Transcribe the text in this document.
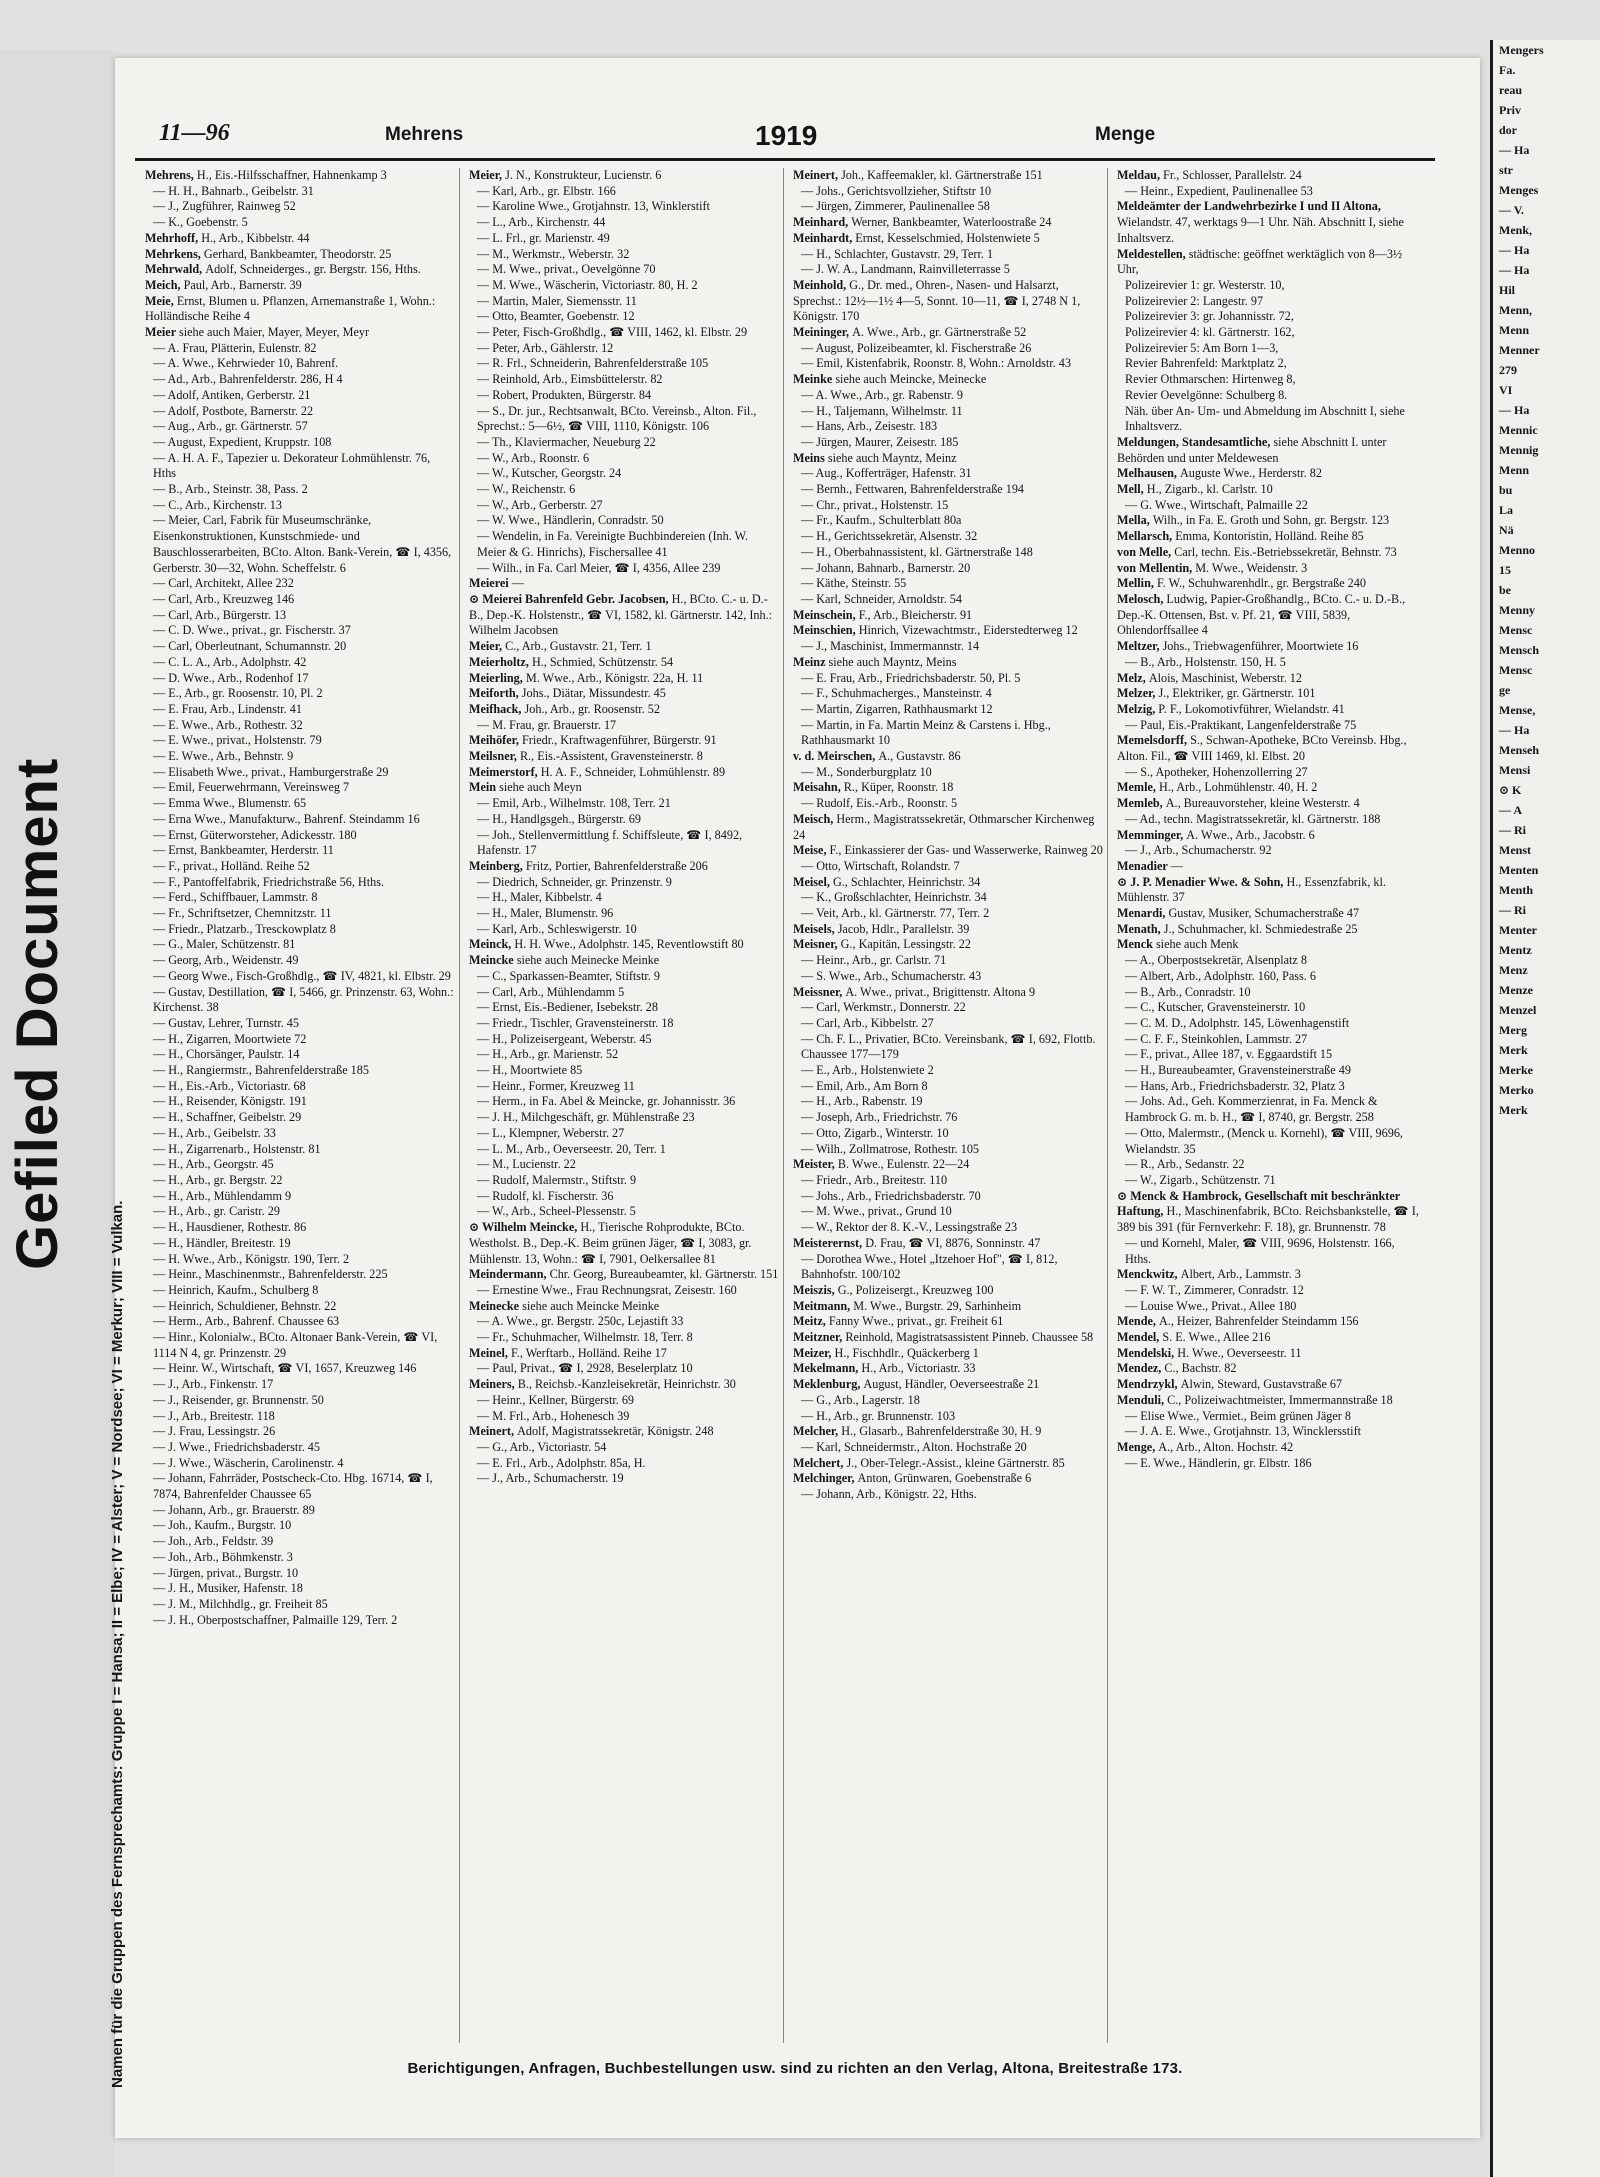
Gefiled Document
11—96	Mehrens	1919	Menge
Namen für die Gruppen des Fernsprechamts: Gruppe I = Hansa; II = Elbe; IV = Alster; V = Nordsee; VI = Merkur; VIII = Vulkan.
Mehrens, H., Eis.-Hilfsschaffner, Hahnenkamp 3
— H. H., Bahnarb., Geibelstr. 31
— J., Zugführer, Rainweg 52
— K., Goebenstr. 5
Mehrhoff, H., Arb., Kibbelstr. 44
Mehrkens, Gerhard, Bankbeamter, Theodorstr. 25
Mehrwald, Adolf, Schneiderges., gr. Bergstr. 156, Hths.
Meich, Paul, Arb., Barnerstr. 39
Meie, Ernst, Blumen u. Pflanzen, Arnemanstraße 1, Wohn.: Holländische Reihe 4
Meier siehe auch Maier, Mayer, Meyer, Meyr
— A. Frau, Plätterin, Eulenstr. 82
— A. Wwe., Kehrwieder 10, Bahrenf.
— Ad., Arb., Bahrenfelderstr. 286, H 4
— Adolf, Antiken, Gerberstr. 21
— Adolf, Postbote, Barnerstr. 22
— Aug., Arb., gr. Gärtnerstr. 57
— August, Expedient, Kruppstr. 108
— A. H. A. F., Tapezier u. Dekorateur Lohmühlenstr. 76, Hths
— B., Arb., Steinstr. 38, Pass. 2
— C., Arb., Kirchenstr. 13
— Meier, Carl, Fabrik für Museumschränke, Eisenkonstruktionen, Kunstschmiede- und Bauschlosserarbeiten, BCto. Alton. Bank-Verein, ☎ I, 4356, Gerberstr. 30—32, Wohn. Scheffelstr. 6
— Carl, Architekt, Allee 232
— Carl, Arb., Kreuzweg 146
— Carl, Arb., Bürgerstr. 13
— C. D. Wwe., privat., gr. Fischerstr. 37
— Carl, Oberleutnant, Schumannstr. 20
— C. L. A., Arb., Adolphstr. 42
— D. Wwe., Arb., Rodenhof 17
— E., Arb., gr. Roosenstr. 10, Pl. 2
— E. Frau, Arb., Lindenstr. 41
— E. Wwe., Arb., Rothestr. 32
— E. Wwe., privat., Holstenstr. 79
— E. Wwe., Arb., Behnstr. 9
— Elisabeth Wwe., privat., Hamburgerstraße 29
— Emil, Feuerwehrmann, Vereinsweg 7
— Emma Wwe., Blumenstr. 65
— Erna Wwe., Manufakturw., Bahrenf. Steindamm 16
— Ernst, Güterworsteher, Adickesstr. 180
— Ernst, Bankbeamter, Herderstr. 11
— F., privat., Holländ. Reihe 52
— F., Pantoffelfabrik, Friedrichstraße 56, Hths.
— Ferd., Schiffbauer, Lammstr. 8
— Fr., Schriftsetzer, Chemnitzstr. 11
— Friedr., Platzarb., Tresckowplatz 8
— G., Maler, Schützenstr. 81
— Georg, Arb., Weidenstr. 49
— Georg Wwe., Fisch-Großhdlg., ☎ IV, 4821, kl. Elbstr. 29
— Gustav, Destillation, ☎ I, 5466, gr. Prinzenstr. 63, Wohn.: Kirchenst. 38
— Gustav, Lehrer, Turnstr. 45
— H., Zigarren, Moortwiete 72
— H., Chorsänger, Paulstr. 14
— H., Rangiermstr., Bahrenfelderstraße 185
— H., Eis.-Arb., Victoriastr. 68
— H., Reisender, Königstr. 191
— H., Schaffner, Geibelstr. 29
— H., Arb., Geibelstr. 33
— H., Zigarrenarb., Holstenstr. 81
— H., Arb., Georgstr. 45
— H., Arb., gr. Bergstr. 22
— H., Arb., Mühlendamm 9
— H., Arb., gr. Caristr. 29
— H., Hausdiener, Rothestr. 86
— H., Händler, Breitestr. 19
— H. Wwe., Arb., Königstr. 190, Terr. 2
— Heinr., Maschinenmstr., Bahrenfelderstr. 225
— Heinrich, Kaufm., Schulberg 8
— Heinrich, Schuldiener, Behnstr. 22
— Herm., Arb., Bahrenf. Chaussee 63
— Hinr., Kolonialw., BCto. Altonaer Bank-Verein, ☎ VI, 1114 N 4, gr. Prinzenstr. 29
— Heinr. W., Wirtschaft, ☎ VI, 1657, Kreuzweg 146
— J., Arb., Finkenstr. 17
— J., Reisender, gr. Brunnenstr. 50
— J., Arb., Breitestr. 118
— J. Frau, Lessingstr. 26
— J. Wwe., Friedrichsbaderstr. 45
— J. Wwe., Wäscherin, Carolinenstr. 4
— Johann, Fahrräder, Postscheck-Cto. Hbg. 16714, ☎ I, 7874, Bahrenfelder Chaussee 65
— Johann, Arb., gr. Brauerstr. 89
— Joh., Kaufm., Burgstr. 10
— Joh., Arb., Feldstr. 39
— Joh., Arb., Böhmkenstr. 3
— Jürgen, privat., Burgstr. 10
— J. H., Musiker, Hafenstr. 18
— J. M., Milchhdlg., gr. Freiheit 85
— J. H., Oberpostschaffner, Palmaille 129, Terr. 2
Meier, J. N., Konstrukteur, Lucienstr. 6
— Karl, Arb., gr. Elbstr. 166
— Karoline Wwe., Grotjahnstr. 13, Winklerstift
— L., Arb., Kirchenstr. 44
— L. Frl., gr. Marienstr. 49
— M., Werkmstr., Weberstr. 32
— M. Wwe., privat., Oevelgönne 70
— M. Wwe., Wäscherin, Victoriastr. 80, H. 2
— Martin, Maler, Siemensstr. 11
— Otto, Beamter, Goebenstr. 12
— Peter, Fisch-Großhdlg., ☎ VIII, 1462, kl. Elbstr. 29
— Peter, Arb., Gählerstr. 12
— R. Frl., Schneiderin, Bahrenfelderstraße 105
— Reinhold, Arb., Eimsbüttelerstr. 82
— Robert, Produkten, Bürgerstr. 84
— S., Dr. jur., Rechtsanwalt, BCto. Vereinsb., Alton. Fil., Sprechst.: 5—6½, ☎ VIII, 1110, Königstr. 106
— Th., Klaviermacher, Neueburg 22
— W., Arb., Roonstr. 6
— W., Kutscher, Georgstr. 24
— W., Reichenstr. 6
— W., Arb., Gerberstr. 27
— W. Wwe., Händlerin, Conradstr. 50
— Wendelin, in Fa. Vereinigte Buchbindereien (Inh. W. Meier & G. Hinrichs), Fischersallee 41
— Wilh., in Fa. Carl Meier, ☎ I, 4356, Allee 239
Meierei —
⊙ Meierei Bahrenfeld Gebr. Jacobsen, H., BCto. C.- u. D.-B., Dep.-K. Holstenstr., ☎ VI, 1582, kl. Gärtnerstr. 142, Inh.: Wilhelm Jacobsen
Meier, C., Arb., Gustavstr. 21, Terr. 1
Meierholtz, H., Schmied, Schützenstr. 54
Meierling, M. Wwe., Arb., Königstr. 22a, H. 11
Meiforth, Johs., Diätar, Missundestr. 45
Meifhack, Joh., Arb., gr. Roosenstr. 52
— M. Frau, gr. Brauerstr. 17
Meihöfer, Friedr., Kraftwagenführer, Bürgerstr. 91
Meilsner, R., Eis.-Assistent, Gravensteinerstr. 8
Meimerstorf, H. A. F., Schneider, Lohmühlenstr. 89
Mein siehe auch Meyn
— Emil, Arb., Wilhelmstr. 108, Terr. 21
— H., Handlgsgeh., Bürgerstr. 69
— Joh., Stellenvermittlung f. Schiffsleute, ☎ I, 8492, Hafenstr. 17
Meinberg, Fritz, Portier, Bahrenfelderstraße 206
— Diedrich, Schneider, gr. Prinzenstr. 9
— H., Maler, Kibbelstr. 4
— H., Maler, Blumenstr. 96
— Karl, Arb., Schleswigerstr. 10
Meinck, H. H. Wwe., Adolphstr. 145, Reventlowstift 80
Meincke siehe auch Meinecke Meinke
— C., Sparkassen-Beamter, Stiftstr. 9
— Carl, Arb., Mühlendamm 5
— Ernst, Eis.-Bediener, Isebekstr. 28
— Friedr., Tischler, Gravensteinerstr. 18
— H., Polizeisergeant, Weberstr. 45
— H., Arb., gr. Marienstr. 52
— H., Moortwiete 85
— Heinr., Former, Kreuzweg 11
— Herm., in Fa. Abel & Meincke, gr. Johannisstr. 36
— J. H., Milchgeschäft, gr. Mühlenstraße 23
— L., Klempner, Weberstr. 27
— L. M., Arb., Oeverseestr. 20, Terr. 1
— M., Lucienstr. 22
— Rudolf, Malermstr., Stiftstr. 9
— Rudolf, kl. Fischerstr. 36
— W., Arb., Scheel-Plessenstr. 5
⊙ Wilhelm Meincke, H., Tierische Rohprodukte, BCto. Westholst. B., Dep.-K. Beim grünen Jäger, ☎ I, 3083, gr. Mühlenstr. 13, Wohn.: ☎ I, 7901, Oelkersallee 81
Meindermann, Chr. Georg, Bureaubeamter, kl. Gärtnerstr. 151
— Ernestine Wwe., Frau Rechnungsrat, Zeisestr. 160
Meinecke siehe auch Meincke Meinke
— A. Wwe., gr. Bergstr. 250c, Lejastift 33
— Fr., Schuhmacher, Wilhelmstr. 18, Terr. 8
Meinel, F., Werftarb., Holländ. Reihe 17
— Paul, Privat., ☎ I, 2928, Beselerplatz 10
Meiners, B., Reichsb.-Kanzleisekretär, Heinrichstr. 30
— Heinr., Kellner, Bürgerstr. 69
— M. Frl., Arb., Hohenesch 39
Meinert, Adolf, Magistratssekretär, Königstr. 248
— G., Arb., Victoriastr. 54
— E. Frl., Arb., Adolphstr. 85a, H.
— J., Arb., Schumacherstr. 19
Meinert, Joh., Kaffeemakler, kl. Gärtnerstraße 151
— Johs., Gerichtsvollzieher, Stiftstr 10
— Jürgen, Zimmerer, Paulinenallee 58
Meinhard, Werner, Bankbeamter, Waterloostraße 24
Meinhardt, Ernst, Kesselschmied, Holstenwiete 5
— H., Schlachter, Gustavstr. 29, Terr. 1
— J. W. A., Landmann, Rainvilleterrasse 5
Meinhold, G., Dr. med., Ohren-, Nasen- und Halsarzt, Sprechst.: 12½—1½ 4—5, Sonnt. 10—11, ☎ I, 2748 N 1, Königstr. 170
Meininger, A. Wwe., Arb., gr. Gärtnerstraße 52
— August, Polizeibeamter, kl. Fischerstraße 26
— Emil, Kistenfabrik, Roonstr. 8, Wohn.: Arnoldstr. 43
Meinke siehe auch Meincke, Meinecke
— A. Wwe., Arb., gr. Rabenstr. 9
— H., Taljemann, Wilhelmstr. 11
— Hans, Arb., Zeisestr. 183
— Jürgen, Maurer, Zeisestr. 185
Meins siehe auch Mayntz, Meinz
— Aug., Kofferträger, Hafenstr. 31
— Bernh., Fettwaren, Bahrenfelderstraße 194
— Chr., privat., Holstenstr. 15
— Fr., Kaufm., Schulterblatt 80a
— H., Gerichtssekretär, Alsenstr. 32
— H., Oberbahnassistent, kl. Gärtnerstraße 148
— Johann, Bahnarb., Barnerstr. 20
— Käthe, Steinstr. 55
— Karl, Schneider, Arnoldstr. 54
Meinschein, F., Arb., Bleicherstr. 91
Meinschien, Hinrich, Vizewachtmstr., Eiderstedterweg 12
— J., Maschinist, Immermannstr. 14
Meinz siehe auch Mayntz, Meins
— E. Frau, Arb., Friedrichsbaderstr. 50, Pl. 5
— F., Schuhmacherges., Mansteinstr. 4
— Martin, Zigarren, Rathhausmarkt 12
— Martin, in Fa. Martin Meinz & Carstens i. Hbg., Rathhausmarkt 10
v. d. Meirschen, A., Gustavstr. 86
— M., Sonderburgplatz 10
Meisahn, R., Küper, Roonstr. 18
— Rudolf, Eis.-Arb., Roonstr. 5
Meisch, Herm., Magistratssekretär, Othmarscher Kirchenweg 24
Meise, F., Einkassierer der Gas- und Wasserwerke, Rainweg 20
— Otto, Wirtschaft, Rolandstr. 7
Meisel, G., Schlachter, Heinrichstr. 34
— K., Großschlachter, Heinrichstr. 34
— Veit, Arb., kl. Gärtnerstr. 77, Terr. 2
Meisels, Jacob, Hdlr., Parallelstr. 39
Meisner, G., Kapitän, Lessingstr. 22
— Heinr., Arb., gr. Carlstr. 71
— S. Wwe., Arb., Schumacherstr. 43
Meissner, A. Wwe., privat., Brigittenstr. Altona 9
— Carl, Werkmstr., Donnerstr. 22
— Carl, Arb., Kibbelstr. 27
— Ch. F. L., Privatier, BCto. Vereinsbank, ☎ I, 692, Flottb. Chaussee 177—179
— E., Arb., Holstenwiete 2
— Emil, Arb., Am Born 8
— H., Arb., Rabenstr. 19
— Joseph, Arb., Friedrichstr. 76
— Otto, Zigarb., Winterstr. 10
— Wilh., Zollmatrose, Rothestr. 105
Meister, B. Wwe., Eulenstr. 22—24
— Friedr., Arb., Breitestr. 110
— Johs., Arb., Friedrichsbaderstr. 70
— M. Wwe., privat., Grund 10
— W., Rektor der 8. K.-V., Lessingstraße 23
Meisterernst, D. Frau, ☎ VI, 8876, Sonninstr. 47
— Dorothea Wwe., Hotel „Itzehoer Hof", ☎ I, 812, Bahnhofstr. 100/102
Meiszis, G., Polizeisergt., Kreuzweg 100
Meitmann, M. Wwe., Burgstr. 29, Sarhinheim
Meitz, Fanny Wwe., privat., gr. Freiheit 61
Meitzner, Reinhold, Magistratsassistent Pinneb. Chaussee 58
Meizer, H., Fischhdlr., Quäckerberg 1
Mekelmann, H., Arb., Victoriastr. 33
Meklenburg, August, Händler, Oeverseestraße 21
— G., Arb., Lagerstr. 18
— H., Arb., gr. Brunnenstr. 103
Melcher, H., Glasarb., Bahrenfelderstraße 30, H. 9
— Karl, Schneidermstr., Alton. Hochstraße 20
Melchert, J., Ober-Telegr.-Assist., kleine Gärtnerstr. 85
Melchinger, Anton, Grünwaren, Goebenstraße 6
— Johann, Arb., Königstr. 22, Hths.
Meldau, Fr., Schlosser, Parallelstr. 24
— Heinr., Expedient, Paulinenallee 53
Meldeämter der Landwehrbezirke I und II Altona, Wielandstr. 47, werktags 9—1 Uhr. Näh. Abschnitt I, siehe Inhaltsverz.
Meldestellen, städtische: geöffnet werktäglich von 8—3½ Uhr,
Polizeirevier 1: gr. Westerstr. 10,
Polizeirevier 2: Langestr. 97
Polizeirevier 3: gr. Johannisstr. 72,
Polizeirevier 4: kl. Gärtnerstr. 162,
Polizeirevier 5: Am Born 1—3,
Revier Bahrenfeld: Marktplatz 2,
Revier Othmarschen: Hirtenweg 8,
Revier Oevelgönne: Schulberg 8.
Näh. über An- Um- und Abmeldung im Abschnitt I, siehe Inhaltsverz.
Meldungen, Standesamtliche, siehe Abschnitt I. unter Behörden und unter Meldewesen
Melhausen, Auguste Wwe., Herderstr. 82
Mell, H., Zigarb., kl. Carlstr. 10
— G. Wwe., Wirtschaft, Palmaille 22
Mella, Wilh., in Fa. E. Groth und Sohn, gr. Bergstr. 123
Mellarsch, Emma, Kontoristin, Holländ. Reihe 85
von Melle, Carl, techn. Eis.-Betriebssekretär, Behnstr. 73
von Mellentin, M. Wwe., Weidenstr. 3
Mellin, F. W., Schuhwarenhdlr., gr. Bergstraße 240
Melosch, Ludwig, Papier-Großhandlg., BCto. C.- u. D.-B., Dep.-K. Ottensen, Bst. v. Pf. 21, ☎ VIII, 5839, Ohlendorffsallee 4
Meltzer, Johs., Triebwagenführer, Moortwiete 16
— B., Arb., Holstenstr. 150, H. 5
Melz, Alois, Maschinist, Weberstr. 12
Melzer, J., Elektriker, gr. Gärtnerstr. 101
Melzig, P. F., Lokomotivführer, Wielandstr. 41
— Paul, Eis.-Praktikant, Langenfelderstraße 75
Memelsdorff, S., Schwan-Apotheke, BCto Vereinsb. Hbg., Alton. Fil., ☎ VIII 1469, kl. Elbst. 20
— S., Apotheker, Hohenzollerring 27
Memle, H., Arb., Lohmühlenstr. 40, H. 2
Memleb, A., Bureauvorsteher, kleine Westerstr. 4
— Ad., techn. Magistratssekretär, kl. Gärtnerstr. 188
Memminger, A. Wwe., Arb., Jacobstr. 6
— J., Arb., Schumacherstr. 92
Menadier —
⊙ J. P. Menadier Wwe. & Sohn, H., Essenzfabrik, kl. Mühlenstr. 37
Menardi, Gustav, Musiker, Schumacherstraße 47
Menath, J., Schuhmacher, kl. Schmiedestraße 25
Menck siehe auch Menk
— A., Oberpostsekretär, Alsenplatz 8
— Albert, Arb., Adolphstr. 160, Pass. 6
— B., Arb., Conradstr. 10
— C., Kutscher, Gravensteinerstr. 10
— C. M. D., Adolphstr. 145, Löwenhagenstift
— C. F. F., Steinkohlen, Lammstr. 27
— F., privat., Allee 187, v. Eggaardstift 15
— H., Bureaubeamter, Gravensteinerstraße 49
— Hans, Arb., Friedrichsbaderstr. 32, Platz 3
— Johs. Ad., Geh. Kommerzienrat, in Fa. Menck & Hambrock G. m. b. H., ☎ I, 8740, gr. Bergstr. 258
— Otto, Malermstr., (Menck u. Kornehl), ☎ VIII, 9696, Wielandstr. 35
— R., Arb., Sedanstr. 22
— W., Zigarb., Schützenstr. 71
⊙ Menck & Hambrock, Gesellschaft mit beschränkter Haftung, H., Maschinenfabrik, BCto. Reichsbankstelle, ☎ I, 389 bis 391 (für Fernverkehr: F. 18), gr. Brunnenstr. 78
— und Kornehl, Maler, ☎ VIII, 9696, Holstenstr. 166, Hths.
Menckwitz, Albert, Arb., Lammstr. 3
— F. W. T., Zimmerer, Conradstr. 12
— Louise Wwe., Privat., Allee 180
Mende, A., Heizer, Bahrenfelder Steindamm 156
Mendel, S. E. Wwe., Allee 216
Mendelski, H. Wwe., Oeverseestr. 11
Mendez, C., Bachstr. 82
Mendrzykl, Alwin, Steward, Gustavstraße 67
Menduli, C., Polizeiwachtmeister, Immermannstraße 18
— Elise Wwe., Vermiet., Beim grünen Jäger 8
— J. A. E. Wwe., Grotjahnstr. 13, Wincklersstift
Menge, A., Arb., Alton. Hochstr. 42
— E. Wwe., Händlerin, gr. Elbstr. 186
Berichtigungen, Anfragen, Buchbestellungen usw. sind zu richten an den Verlag, Altona, Breitestraße 173.
Mengers
Fa.
reau
Priv
dor
— Ha
str
Menges
— V.
Menk,
— Ha
— Ha
Hil
Menn,
Menn
Menner
279
VI
— Ha
Mennic
Mennig
Menn
bu
La
Nä
Menno
15
be
Menny
Mensc
Mensch
Mensc
ge
Mense,
— Ha
Menseh
Mensi
⊙ K
— A
— Ri
Menst
Menten
Menth
— Ri
Menter
Mentz
Menz
Menze
Menzel
Merg
Merk
Merke
Merko
Merk
